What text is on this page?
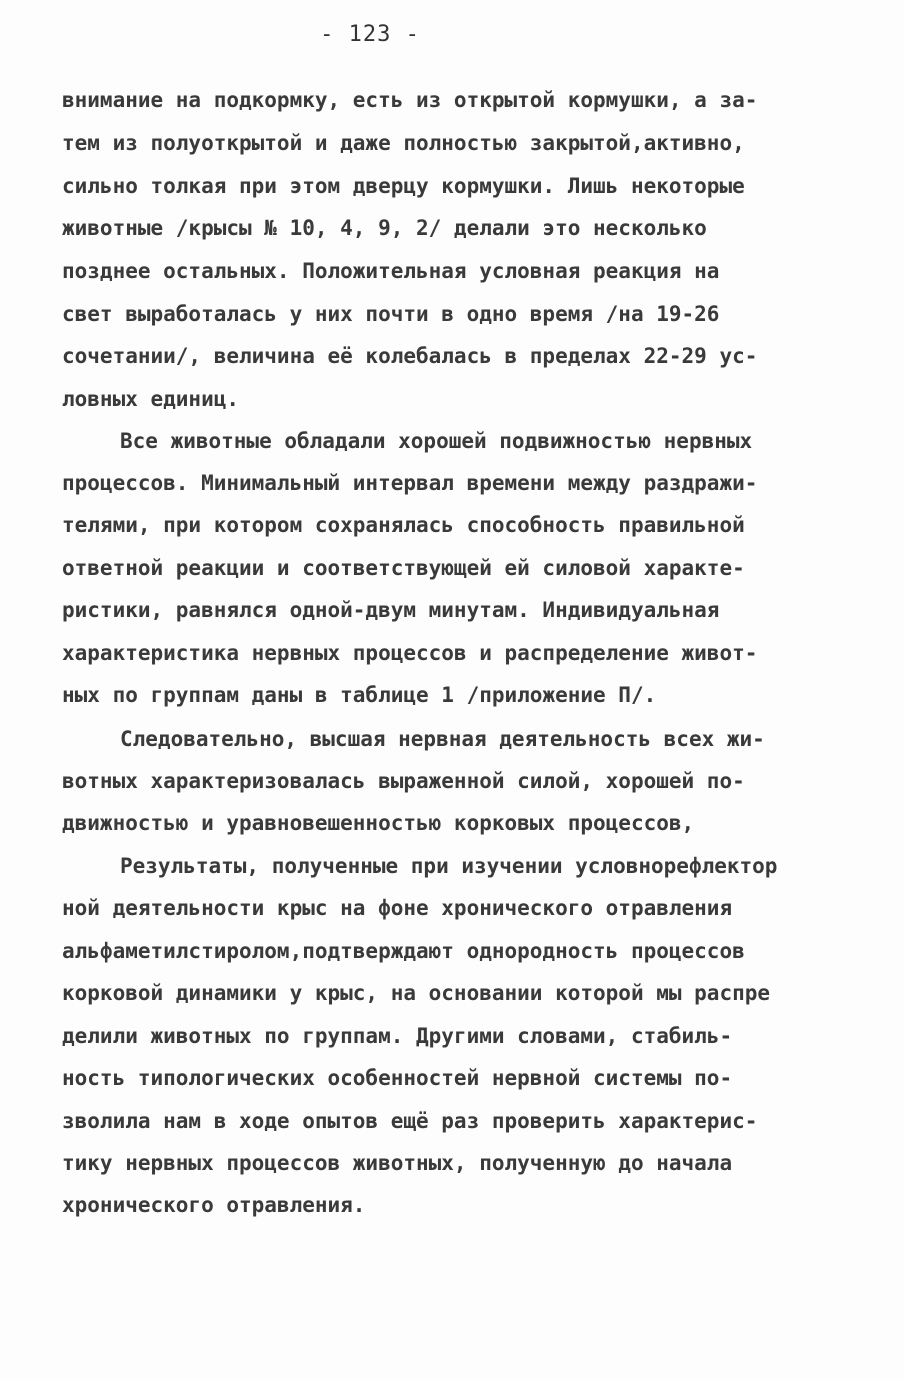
- 123 -
внимание на подкормку, есть из открытой кормушки, а за-
тем из полуоткрытой и даже полностью закрытой,активно,
сильно толкая при этом дверцу кормушки. Лишь некоторые
животные /крысы № 10, 4, 9, 2/ делали это несколько
позднее остальных. Положительная условная реакция на
свет выработалась у них почти в одно время /на 19-26
сочетании/, величина её колебалась в пределах 22-29 ус-
ловных единиц.
Все животные обладали хорошей подвижностью нервных
процессов. Минимальный интервал времени между раздражи-
телями, при котором сохранялась способность правильной
ответной реакции и соответствующей ей силовой характе-
ристики, равнялся одной-двум минутам. Индивидуальная
характеристика нервных процессов и распределение живот-
ных по группам даны в таблице 1 /приложение П/.
Следовательно, высшая нервная деятельность всех жи-
вотных характеризовалась выраженной силой, хорошей по-
движностью и уравновешенностью корковых процессов,
Результаты, полученные при изучении условнорефлектор
ной деятельности крыс на фоне хронического отравления
альфаметилстиролом,подтверждают однородность процессов
корковой динамики у крыс, на основании которой мы распре
делили животных по группам. Другими словами, стабиль-
ность типологических особенностей нервной системы по-
зволила нам в ходе опытов ещё раз проверить характерис-
тику нервных процессов животных, полученную до начала
хронического отравления.
